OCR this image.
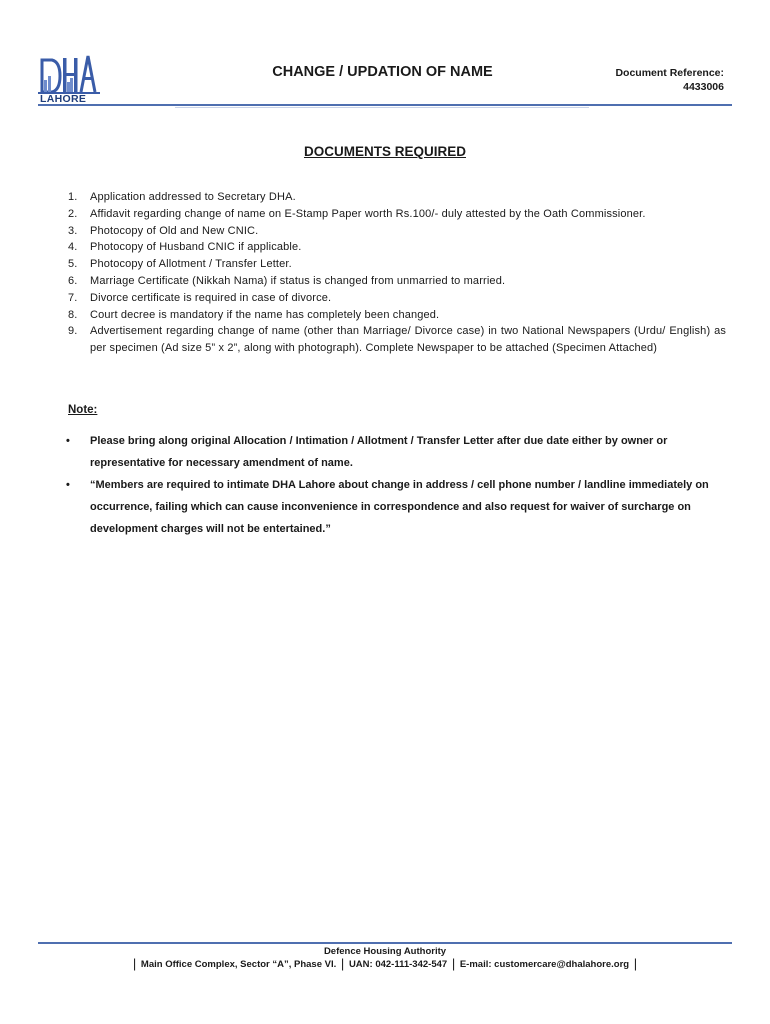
LAHORE
CHANGE / UPDATION OF NAME	Document Reference:
4433006
DOCUMENTS REQUIRED
1.	Application addressed to Secretary DHA.
2.	Affidavit regarding change of name on E-Stamp Paper worth Rs.100/- duly attested by the Oath Commissioner.
3.	Photocopy of Old and New CNIC.
4.	Photocopy of Husband CNIC if applicable.
5.	Photocopy of Allotment / Transfer Letter.
6.	Marriage Certificate (Nikkah Nama) if status is changed from unmarried to married.
7.	Divorce certificate is required in case of divorce.
8.	Court decree is mandatory if the name has completely been changed.
9.	Advertisement regarding change of name (other than Marriage/ Divorce case) in two National Newspapers (Urdu/ English) as per specimen (Ad size 5” x 2”, along with photograph). Complete Newspaper to be attached (Specimen Attached)
Note:
•	Please bring along original Allocation / Intimation / Allotment / Transfer Letter after due date either by owner or representative for necessary amendment of name.
•	“Members are required to intimate DHA Lahore about change in address / cell phone number / landline immediately on occurrence, failing which can cause inconvenience in correspondence and also request for waiver of surcharge on development charges will not be entertained.”
Defence Housing Authority
| Main Office Complex, Sector “A”, Phase VI. | UAN: 042-111-342-547 | E-mail: customercare@dhalahore.org |
